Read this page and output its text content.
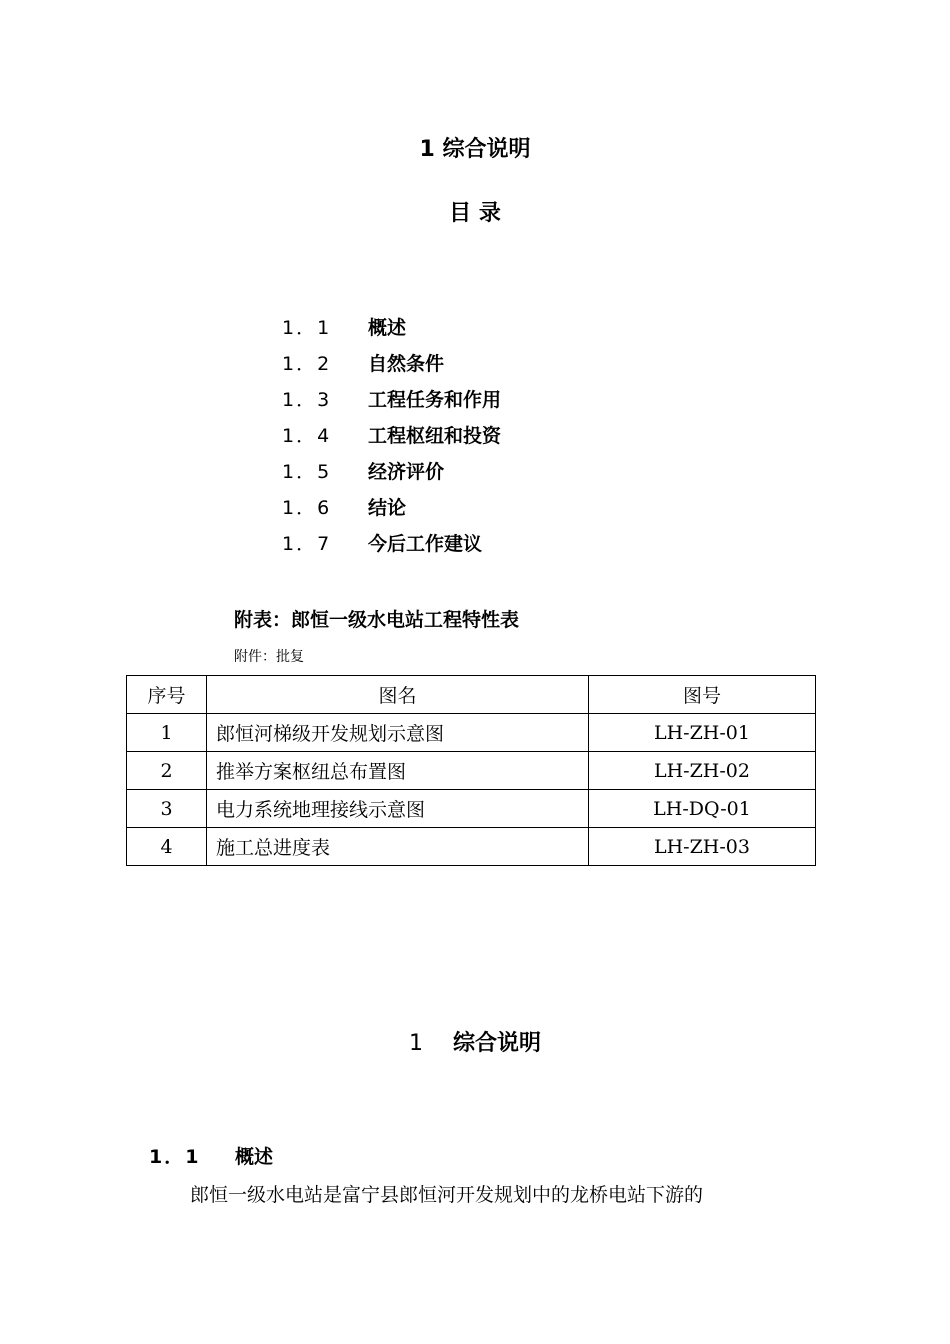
1 综合说明
目 录
1．1 概述
1．2 自然条件
1．3 工程任务和作用
1．4 工程枢纽和投资
1．5 经济评价
1．6 结论
1．7 今后工作建议
附表：郎恒一级水电站工程特性表
附件：批复
序号	图名	图号
1	郎恒河梯级开发规划示意图	LH-ZH-01
2	推举方案枢纽总布置图	LH-ZH-02
3	电力系统地理接线示意图	LH-DQ-01
4	施工总进度表	LH-ZH-03
1 综合说明
1．1 概述
郎恒一级水电站是富宁县郎恒河开发规划中的龙桥电站下游的
